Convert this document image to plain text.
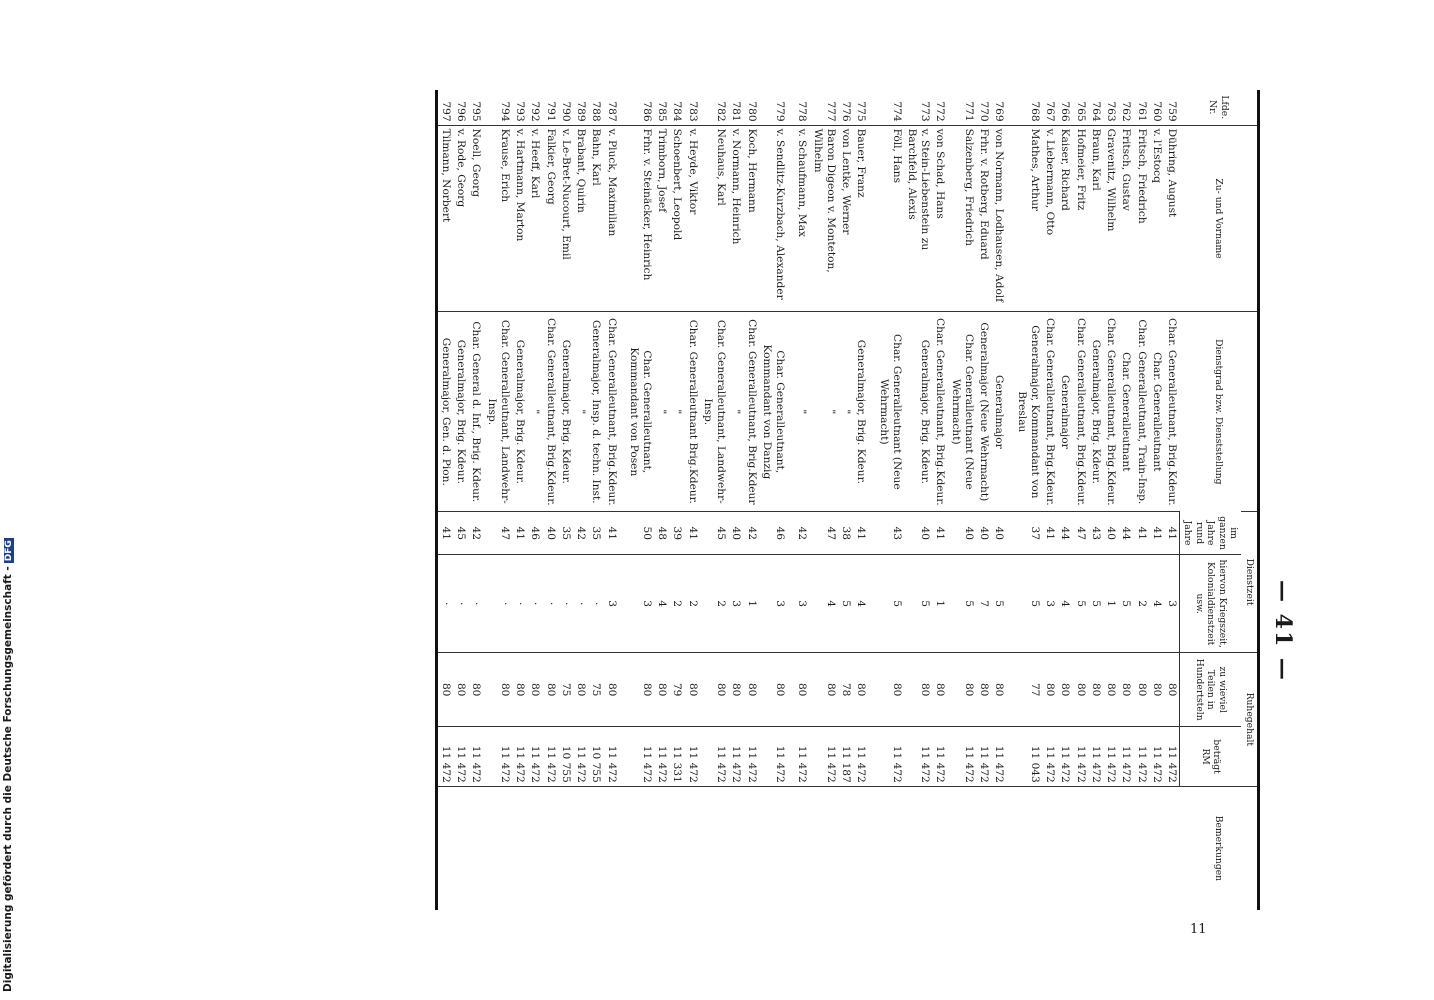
— 41 —
Lfde. Nr.	Zu- und Vorname	Dienstgrad bzw. Dienststellung	Dienstzeit		Ruhegehalt		Bemerkungen
			im ganzen
Jahre rund Jahre	hiervon Kriegszeit, Kolonialdienstzeit usw.	zu wieviel Teilen in Hundertsteln	beträgt
RM	
759	Dühring, August	Char. Generalleutnant, Brig.Kdeur.	41	3	80	11 472	
760	v. l'Estocq	Char. Generalleutnant	41	4	80	11 472	
761	Fritsch, Friedrich	Char. Generalleutnant, Train-Insp.	41	2	80	11 472	
762	Fritsch, Gustav	Char. Generalleutnant	44	5	80	11 472	
763	Gravenitz, Wilhelm	Char. Generalleutnant, Brig.Kdeur.	40	1	80	11 472	
764	Braun, Karl	Generalmajor, Brig. Kdeur.	43	5	80	11 472	
765	Hofmeier, Fritz	Char. Generalleutnant, Brig.Kdeur.	47	5	80	11 472	
766	Kaiser, Richard	Generalmajor	44	4	80	11 472	
767	v. Liebermann, Otto	Char. Generalleutnant, Brig.Kdeur.	41	3	80	11 472	
768	Mathes, Arthur	Generalmajor, Kommandant von Breslau	37	5	77	11 043	

769	von Normann, Lodhausen, Adolf	Generalmajor	40	5	80	11 472	
770	Frhr. v. Rotberg, Eduard	Generalmajor (Neue Wehrmacht)	40	7	80	11 472	
771	Salzenberg, Friedrich	Char. Generalleutnant (Neue Wehrmacht)	40	5	80	11 472	
772	von Schad, Hans	Char. Generalleutnant, Brig.Kdeur.	41	1	80	11 472	
773	v. Stein-Liebenstein zu Barchfeld, Alexis	Generalmajor, Brig. Kdeur.	40	5	80	11 472	
774	Föll, Hans	Char. Generalleutnant (Neue Wehrmacht)	43	5	80	11 472	

775	Bauer, Franz	Generalmajor, Brig. Kdeur.	41	4	80	11 472	
776	von Lentke, Werner	"	38	5	78	11 187	
777	Baron Digeon v. Monteton, Wilhelm	"	47	4	80	11 472	
778	v. Schaufmann, Max	"	42	3	80	11 472	

779	v. Sendlitz-Kurzbach, Alexander	Char. Generalleutnant, Kommandant von Danzig	46	3	80	11 472	
780	Koch, Hermann	Char. Generalleutnant, Brig.Kdeur	42	1	80	11 472	
781	v. Normann, Heinrich	"	40	3	80	11 472	
782	Neuhaus, Karl	Char. Generalleutnant, Landwehr-Insp.	45	2	80	11 472	
783	v. Heyde, Viktor	Char. Generalleutnant Brig.Kdeur.	41	2	80	11 472	
784	Schoenbert, Leopold	"	39	2	79	11 331	
785	Trimborn, Josef	"	48	4	80	11 472	
786	Frhr. v. Steinäcker, Heinrich	Char. Generalleutnant, Kommandant von Posen	50	3	80	11 472	

787	v. Pluck, Maximilian	Char. Generalleutnant, Brig.Kdeur.	41	3	80	11 472	
788	Bahn, Karl	Generalmajor, Insp. d. techn. Inst.	35	·	75	10 755	
789	Brabant, Quirin	"	42	·	80	11 472	
790	v. Le-Bret-Nucourt, Emil	Generalmajor, Brig. Kdeur.	35	·	75	10 755	
791	Falkier, Georg	Char. Generalleutnant, Brig.Kdeur.	40	·	80	11 472	
792	v. Heeff, Karl	"	46	·	80	11 472	
793	v. Hartmann, Marton	Generalmajor, Brig. Kdeur.	41	·	80	11 472	
794	Krause, Erich	Char. Generalleutnant, Landwehr-Insp.	47	·	80	11 472	
795	Noell, Georg	Char. General d. Inf., Brig. Kdeur.	42	·	80	11 472	
796	v. Rode, Georg	Generalmajor, Brig. Kdeur.	45	·	80	11 472	
797	Tilmann, Norbert	Generalmajor, Gen. d. Pion.	41	·	80	11 472	
11
Digitalisierung gefördert durch die Deutsche Forschungsgemeinschaft -DFG
